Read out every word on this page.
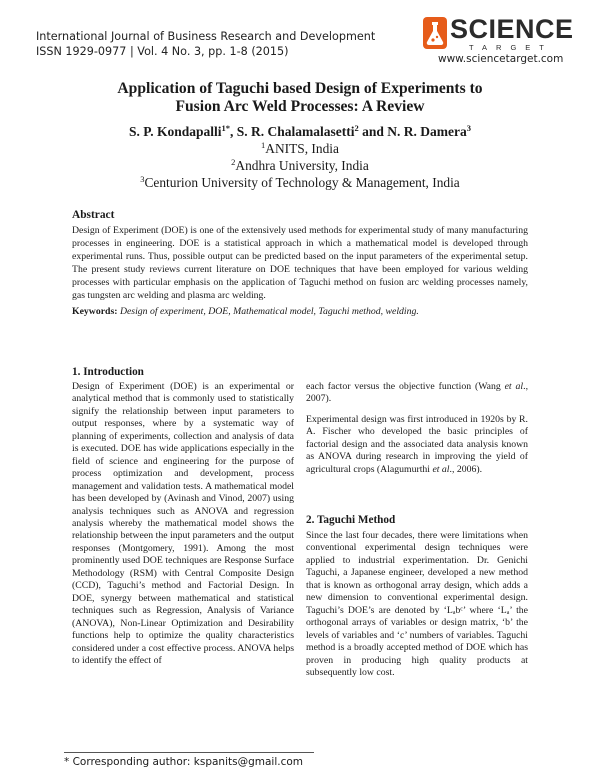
International Journal of Business Research and Development
ISSN 1929-0977 | Vol. 4 No. 3, pp. 1-8 (2015)
SCIENCE
TARGET
www.sciencetarget.com
Application of Taguchi based Design of Experiments to
Fusion Arc Weld Processes: A Review
S. P. Kondapalli$^{1*}$, S. R. Chalamalasetti$^2$ and N. R. Damera$^3$
$^1$ANITS, India
$^2$Andhra University, India
$^3$Centurion University of Technology & Management, India
Abstract
Design of Experiment (DOE) is one of the extensively used methods for experimental study of many manufacturing processes in engineering. DOE is a statistical approach in which a mathematical model is developed through experimental runs. Thus, possible output can be predicted based on the input parameters of the experimental setup. The present study reviews current literature on DOE techniques that have been employed for various welding processes with particular emphasis on the application of Taguchi method on fusion arc welding processes namely, gas tungsten arc welding and plasma arc welding.
Keywords: Design of experiment, DOE, Mathematical model, Taguchi method, welding.
1. Introduction

Design of Experiment (DOE) is an experimental or analytical method that is commonly used to statistically signify the relationship between input parameters to output responses, where by a systematic way of planning of experiments, collection and analysis of data is executed. DOE has wide applications especially in the field of science and engineering for the purpose of process optimization and development, process management and validation tests. A mathematical model has been developed by (Avinash and Vinod, 2007) using analysis techniques such as ANOVA and regression analysis whereby the mathematical model shows the relationship between the input parameters and the output responses (Montgomery, 1991). Among the most prominently used DOE techniques are Response Surface Methodology (RSM) with Central Composite Design (CCD), Taguchi’s method and Factorial Design. In DOE, synergy between mathematical and statistical techniques such as Regression, Analysis of Variance (ANOVA), Non-Linear Optimization and Desirability functions help to optimize the quality characteristics considered under a cost effective process. ANOVA helps to identify the effect of

each factor versus the objective function (Wang et al., 2007).

Experimental design was first introduced in 1920s by R. A. Fischer who developed the basic principles of factorial design and the associated data analysis known as ANOVA during research in improving the yield of agricultural crops (Alagumurthi et al., 2006).

2. Taguchi Method

Since the last four decades, there were limitations when conventional experimental design techniques were applied to industrial experimentation. Dr. Genichi Taguchi, a Japanese engineer, developed a new method that is known as orthogonal array design, which adds a new dimension to conventional experimental design. Taguchi’s DOE’s are denoted by ‘Lₐbᶜ’ where ‘Lₐ’ the orthogonal arrays of variables or design matrix, ‘b’ the levels of variables and ‘c’ numbers of variables. Taguchi method is a broadly accepted method of DOE which has proven in producing high quality products at subsequently low cost.

* Corresponding author: kspanits@gmail.com
